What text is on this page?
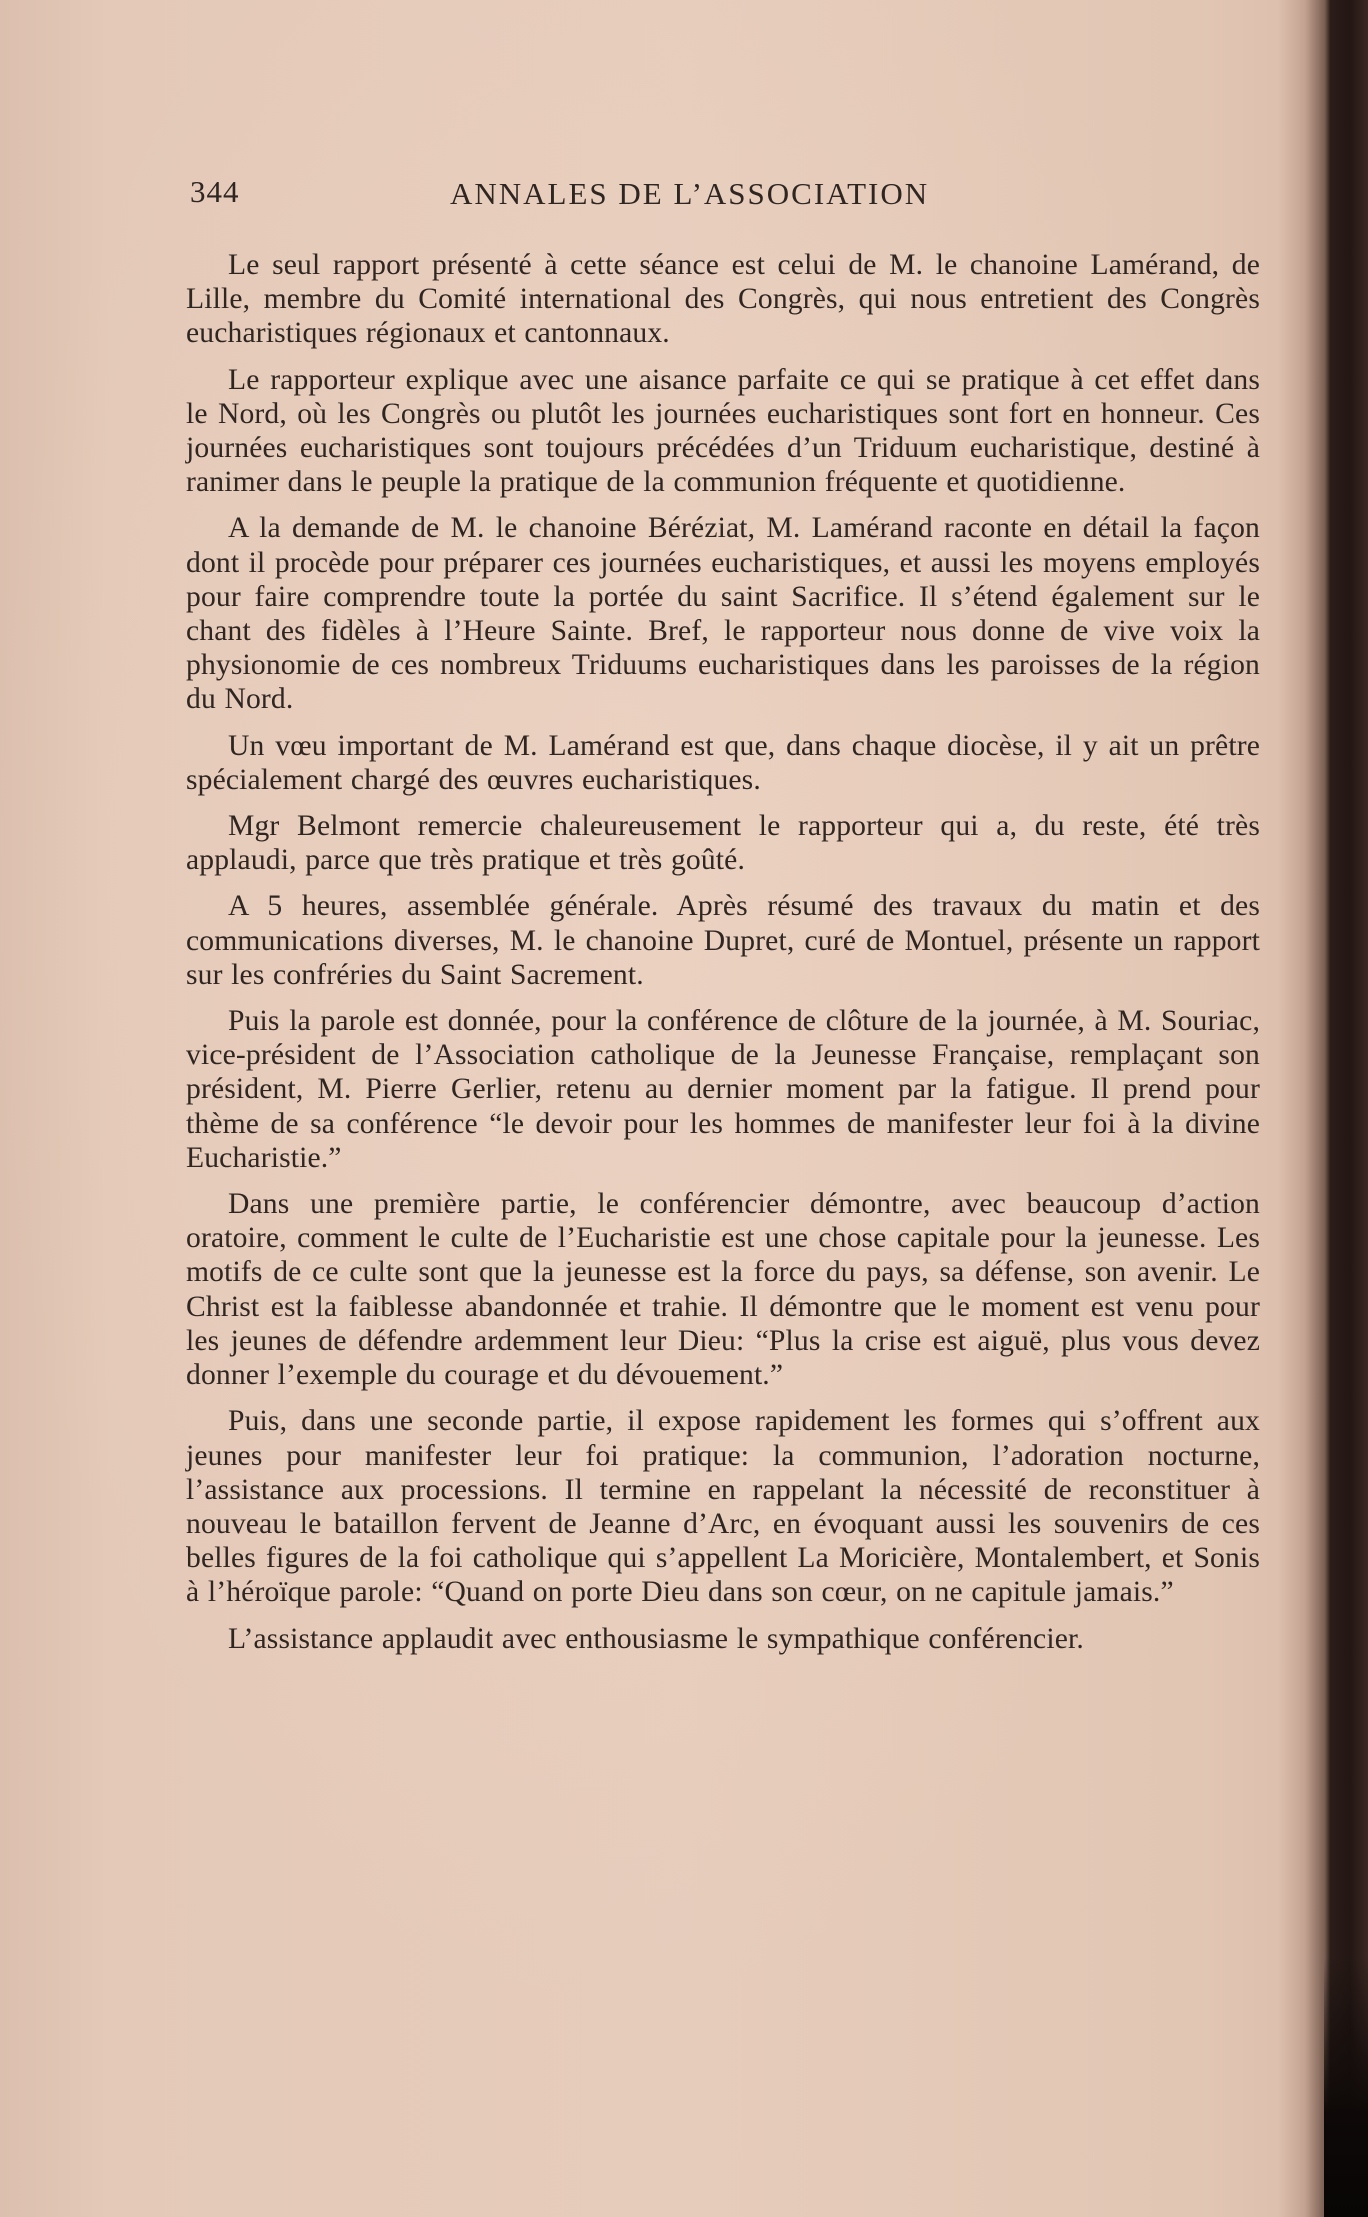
344	ANNALES DE L’ASSOCIATION

Le seul rapport présenté à cette séance est celui de M. le chanoine Lamérand, de Lille, membre du Comité international des Congrès, qui nous entretient des Congrès eucharistiques régionaux et cantonnaux.

Le rapporteur explique avec une aisance parfaite ce qui se pratique à cet effet dans le Nord, où les Congrès ou plutôt les journées eucharistiques sont fort en honneur. Ces journées eucharistiques sont toujours précédées d’un Triduum eucharistique, destiné à ranimer dans le peuple la pratique de la communion fréquente et quotidienne.

A la demande de M. le chanoine Béréziat, M. Lamérand raconte en détail la façon dont il procède pour préparer ces journées eucharistiques, et aussi les moyens employés pour faire comprendre toute la portée du saint Sacrifice. Il s’étend également sur le chant des fidèles à l’Heure Sainte. Bref, le rapporteur nous donne de vive voix la physionomie de ces nombreux Triduums eucharistiques dans les paroisses de la région du Nord.

Un vœu important de M. Lamérand est que, dans chaque diocèse, il y ait un prêtre spécialement chargé des œuvres eucharistiques.

Mgr Belmont remercie chaleureusement le rapporteur qui a, du reste, été très applaudi, parce que très pratique et très goûté.

A 5 heures, assemblée générale. Après résumé des travaux du matin et des communications diverses, M. le chanoine Dupret, curé de Montuel, présente un rapport sur les confréries du Saint Sacrement.

Puis la parole est donnée, pour la conférence de clôture de la journée, à M. Souriac, vice-président de l’Association catholique de la Jeunesse Française, remplaçant son président, M. Pierre Gerlier, retenu au dernier moment par la fatigue. Il prend pour thème de sa conférence “le devoir pour les hommes de manifester leur foi à la divine Eucharistie.”

Dans une première partie, le conférencier démontre, avec beaucoup d’action oratoire, comment le culte de l’Eucharistie est une chose capitale pour la jeunesse. Les motifs de ce culte sont que la jeunesse est la force du pays, sa défense, son avenir. Le Christ est la faiblesse abandonnée et trahie. Il démontre que le moment est venu pour les jeunes de défendre ardemment leur Dieu: “Plus la crise est aiguë, plus vous devez donner l’exemple du courage et du dévouement.”

Puis, dans une seconde partie, il expose rapidement les formes qui s’offrent aux jeunes pour manifester leur foi pratique: la communion, l’adoration nocturne, l’assistance aux processions. Il termine en rappelant la nécessité de reconstituer à nouveau le bataillon fervent de Jeanne d’Arc, en évoquant aussi les souvenirs de ces belles figures de la foi catholique qui s’appellent La Moricière, Montalembert, et Sonis à l’héroïque parole: “Quand on porte Dieu dans son cœur, on ne capitule jamais.”

L’assistance applaudit avec enthousiasme le sympathique conférencier.
